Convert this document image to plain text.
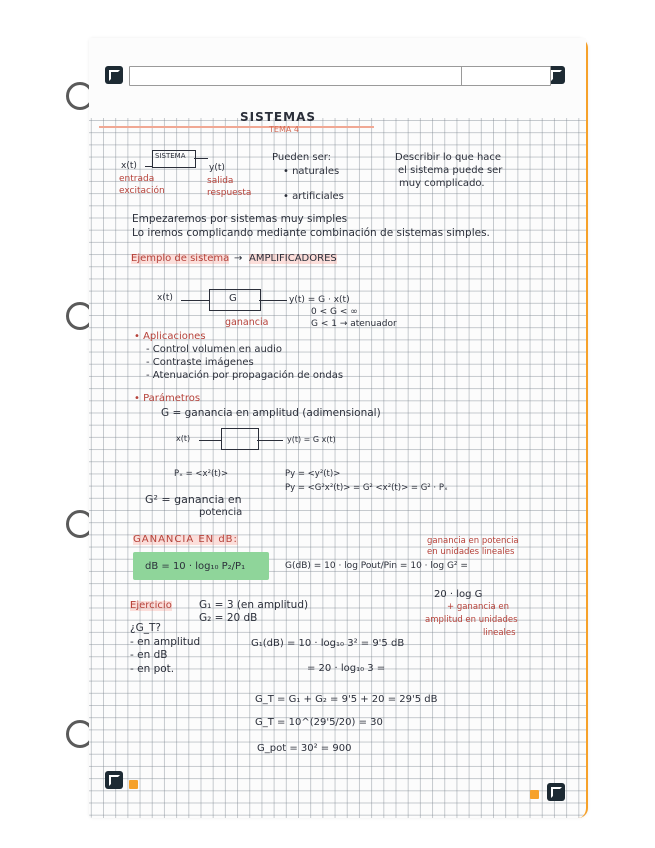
SISTEMAS
TEMA 4
SISTEMA
x(t)
entrada
excitación
y(t)
salida
respuesta
Pueden ser:
• naturales
• artificiales
Describir lo que hace
el sistema puede ser
muy complicado.
Empezaremos por sistemas muy simples
Lo iremos complicando mediante combinación de sistemas simples.
Ejemplo de sistema → AMPLIFICADORES
x(t)	G
ganancia
y(t) = G · x(t)
0 < G < ∞
G < 1 → atenuador
• Aplicaciones
- Control volumen en audio
- Contraste imágenes
- Atenuación por propagación de ondas
• Parámetros
G = ganancia en amplitud (adimensional)
x(t)	y(t) = G x(t)
Pₓ = <x²(t)>	Py = <y²(t)>
Py = <G²x²(t)> = G² <x²(t)> = G² · Pₓ
G² = ganancia en
potencia
GANANCIA EN dB:
dB = 10 · log₁₀ P₂/P₁	G(dB) = 10 · log Pout/Pin = 10 · log G² =
ganancia en potencia
en unidades lineales
20 · log G
+ ganancia en
amplitud en unidades
lineales
Ejercicio	G₁ = 3 (en amplitud)
G₂ = 20 dB
¿G_T?
- en amplitud
- en dB
- en pot.
G₁(dB) = 10 · log₁₀ 3² = 9'5 dB
= 20 · log₁₀ 3 =
G_T = G₁ + G₂ = 9'5 + 20 = 29'5 dB
G_T = 10^(29'5/20) = 30
G_pot = 30² = 900
